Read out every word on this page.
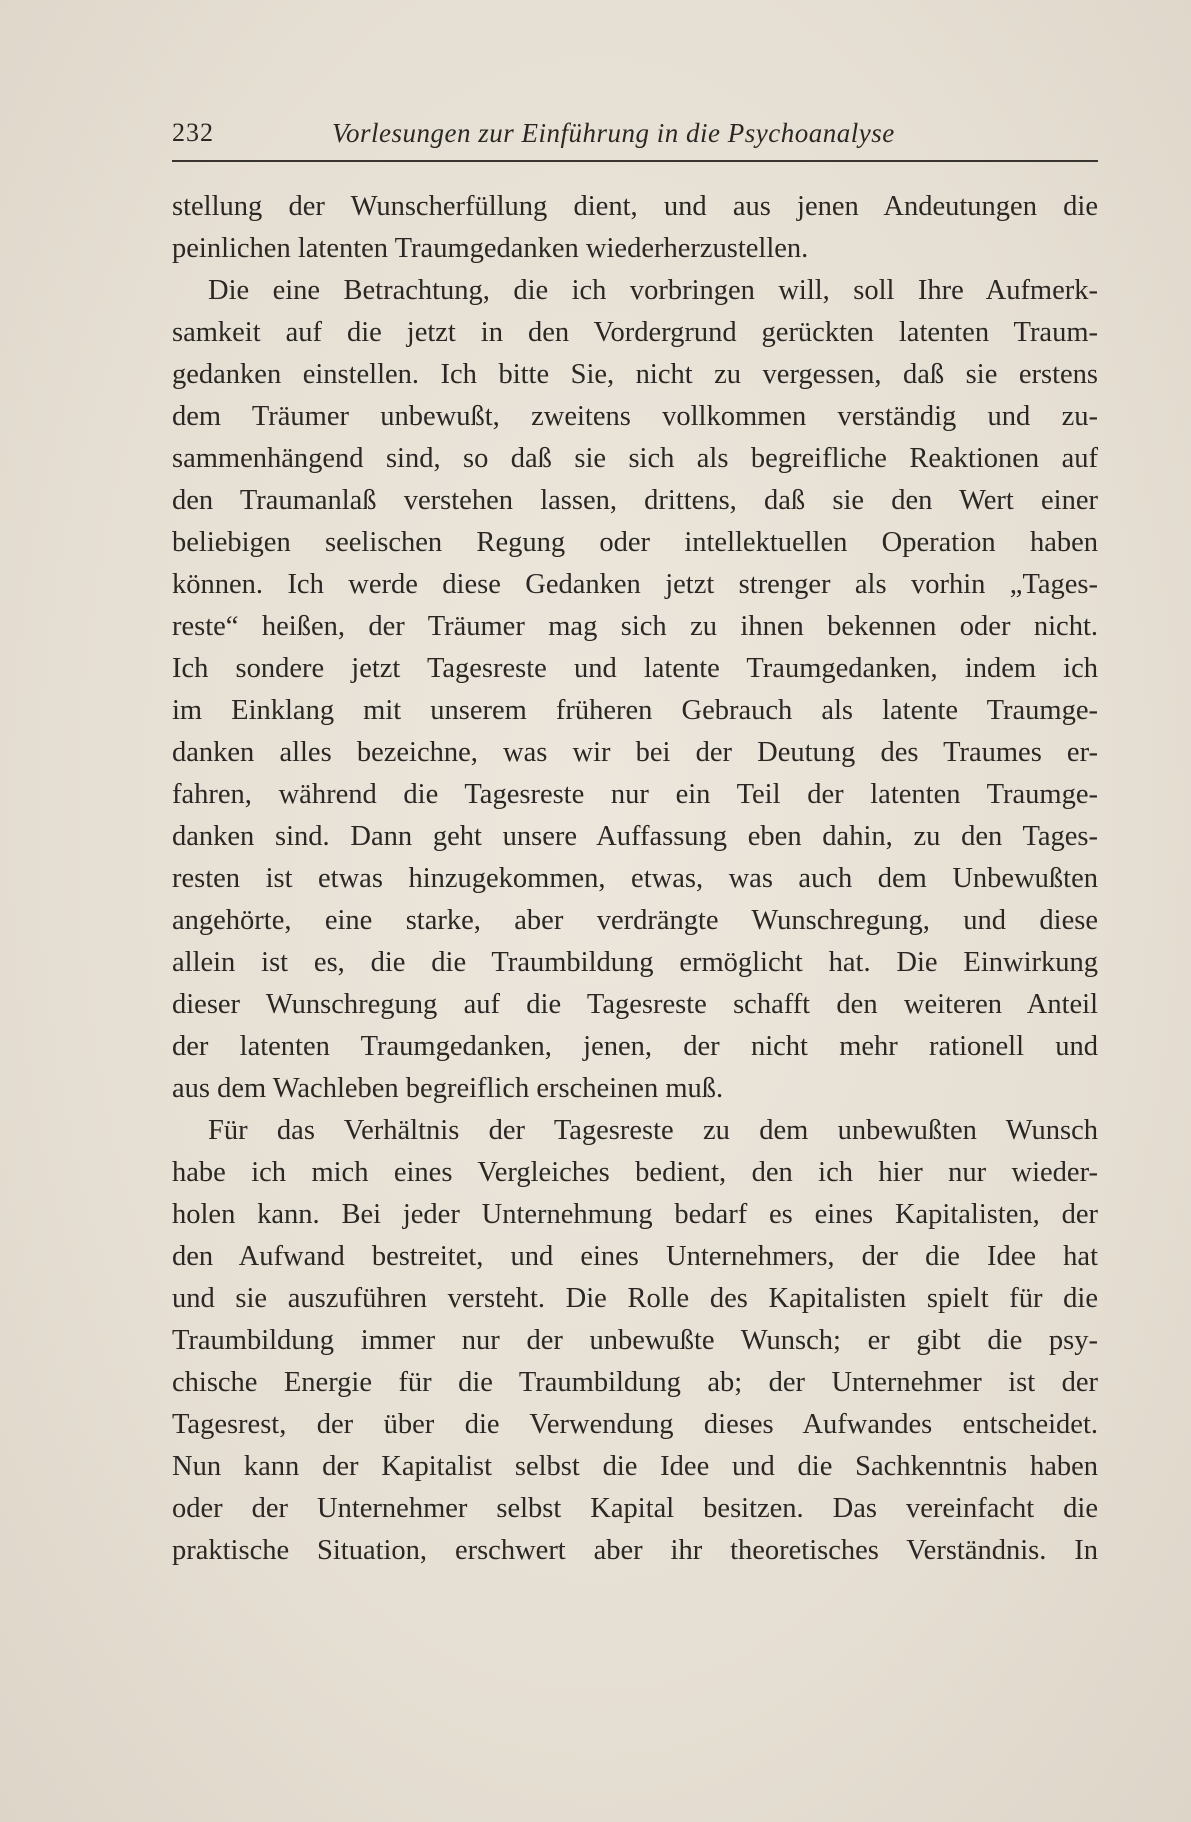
232	Vorlesungen zur Einführung in die Psychoanalyse
stellung der Wunscherfüllung dient, und aus jenen Andeutungen die
peinlichen latenten Traumgedanken wiederherzustellen.
Die eine Betrachtung, die ich vorbringen will, soll Ihre Aufmerk-
samkeit auf die jetzt in den Vordergrund gerückten latenten Traum-
gedanken einstellen. Ich bitte Sie, nicht zu vergessen, daß sie erstens
dem Träumer unbewußt, zweitens vollkommen verständig und zu-
sammenhängend sind, so daß sie sich als begreifliche Reaktionen auf
den Traumanlaß verstehen lassen, drittens, daß sie den Wert einer
beliebigen seelischen Regung oder intellektuellen Operation haben
können. Ich werde diese Gedanken jetzt strenger als vorhin „Tages-
reste“ heißen, der Träumer mag sich zu ihnen bekennen oder nicht.
Ich sondere jetzt Tagesreste und latente Traumgedanken, indem ich
im Einklang mit unserem früheren Gebrauch als latente Traumge-
danken alles bezeichne, was wir bei der Deutung des Traumes er-
fahren, während die Tagesreste nur ein Teil der latenten Traumge-
danken sind. Dann geht unsere Auffassung eben dahin, zu den Tages-
resten ist etwas hinzugekommen, etwas, was auch dem Unbewußten
angehörte, eine starke, aber verdrängte Wunschregung, und diese
allein ist es, die die Traumbildung ermöglicht hat. Die Einwirkung
dieser Wunschregung auf die Tagesreste schafft den weiteren Anteil
der latenten Traumgedanken, jenen, der nicht mehr rationell und
aus dem Wachleben begreiflich erscheinen muß.
Für das Verhältnis der Tagesreste zu dem unbewußten Wunsch
habe ich mich eines Vergleiches bedient, den ich hier nur wieder-
holen kann. Bei jeder Unternehmung bedarf es eines Kapitalisten, der
den Aufwand bestreitet, und eines Unternehmers, der die Idee hat
und sie auszuführen versteht. Die Rolle des Kapitalisten spielt für die
Traumbildung immer nur der unbewußte Wunsch; er gibt die psy-
chische Energie für die Traumbildung ab; der Unternehmer ist der
Tagesrest, der über die Verwendung dieses Aufwandes entscheidet.
Nun kann der Kapitalist selbst die Idee und die Sachkenntnis haben
oder der Unternehmer selbst Kapital besitzen. Das vereinfacht die
praktische Situation, erschwert aber ihr theoretisches Verständnis. In
